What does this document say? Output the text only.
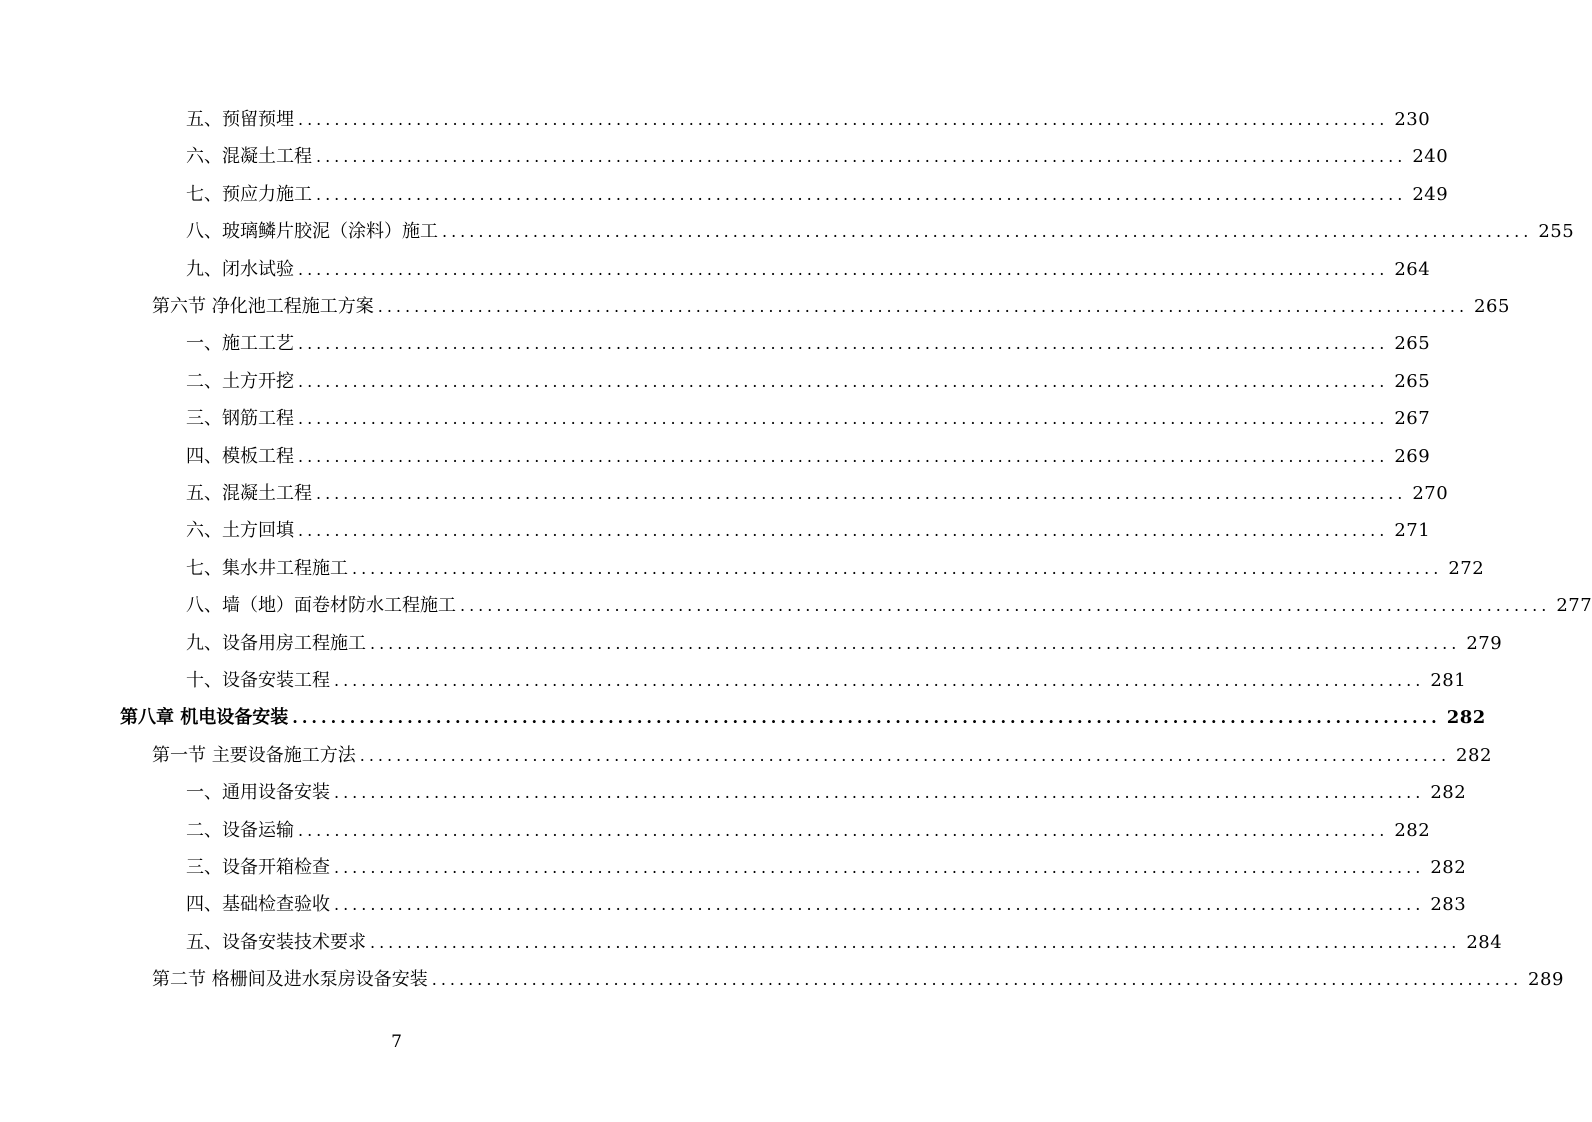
五、预留预埋 ........................................................................................................................ 230
六、混凝土工程 ........................................................................................................................ 240
七、预应力施工 ........................................................................................................................ 249
八、玻璃鳞片胶泥（涂料）施工 ........................................................................................................................ 255
九、闭水试验 ........................................................................................................................ 264
第六节 净化池工程施工方案 ........................................................................................................................ 265
一、施工工艺 ........................................................................................................................ 265
二、土方开挖 ........................................................................................................................ 265
三、钢筋工程 ........................................................................................................................ 267
四、模板工程 ........................................................................................................................ 269
五、混凝土工程 ........................................................................................................................ 270
六、土方回填 ........................................................................................................................ 271
七、集水井工程施工 ........................................................................................................................ 272
八、墙（地）面卷材防水工程施工 ........................................................................................................................ 277
九、设备用房工程施工 ........................................................................................................................ 279
十、设备安装工程 ........................................................................................................................ 281
第八章 机电设备安装 ........................................................................................................................ 282
第一节 主要设备施工方法 ........................................................................................................................ 282
一、通用设备安装 ........................................................................................................................ 282
二、设备运输 ........................................................................................................................ 282
三、设备开箱检查 ........................................................................................................................ 282
四、基础检查验收 ........................................................................................................................ 283
五、设备安装技术要求 ........................................................................................................................ 284
第二节 格栅间及进水泵房设备安装 ........................................................................................................................ 289
7
